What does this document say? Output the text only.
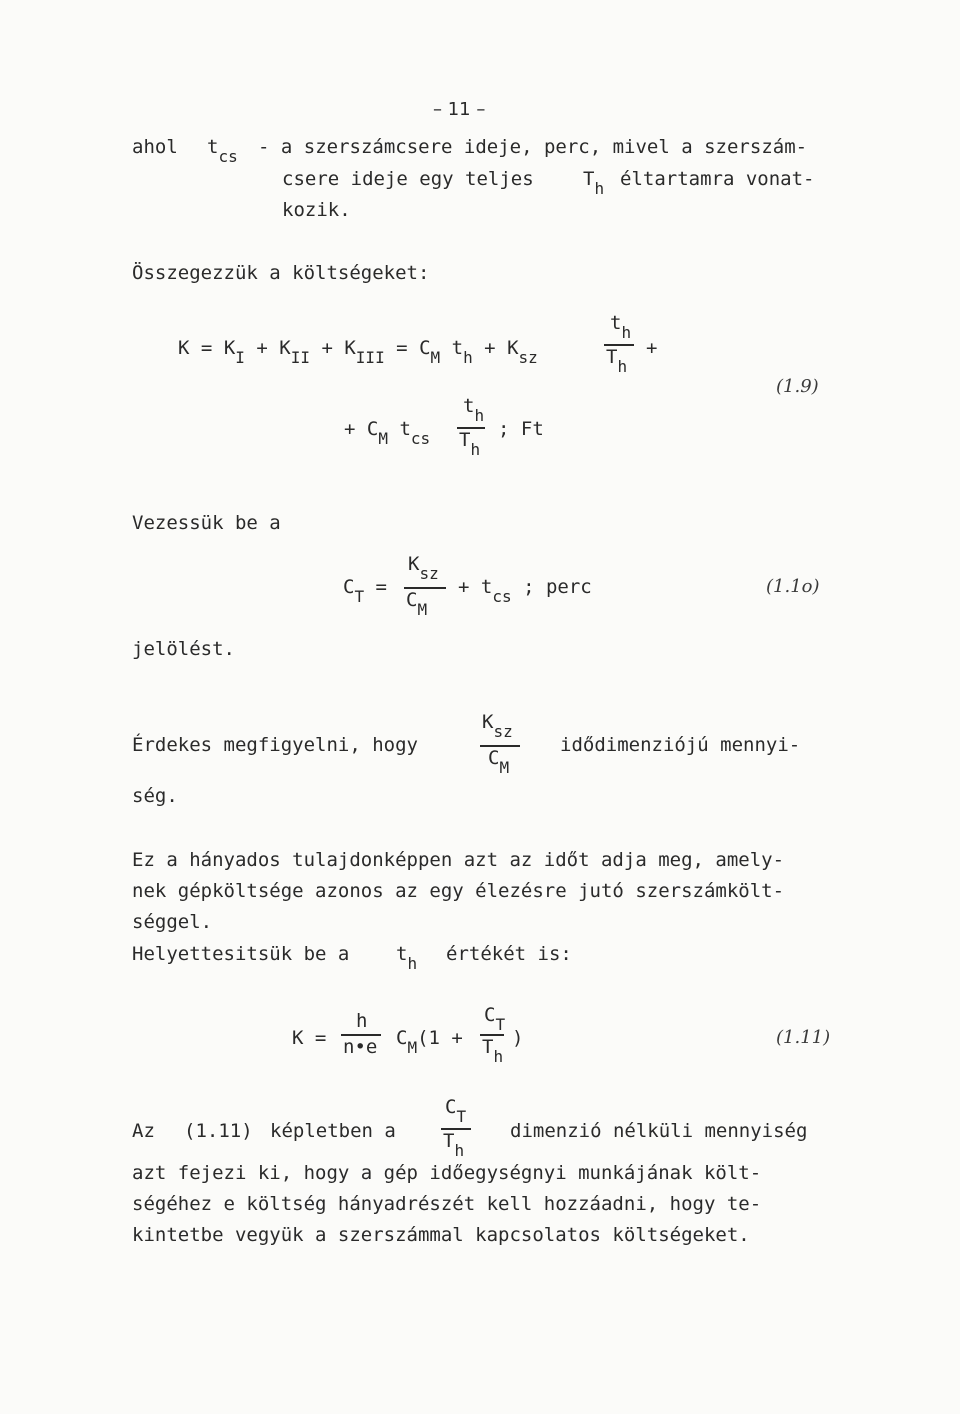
– 11 –
ahol $t_{cs}$ - a szerszámcsere ideje, perc, mivel a szerszám-
csere ideje egy teljes	$T_h$ éltartamra vonat-
kozik.
Összegezzük a költségeket:
$K = K_I + K_{II} + K_{III} = C_M$ $t_h + K_{sz}$
$t_h$
$T_h$
+
+ $C_M$ $t_{cs}$
$t_h$
$T_h$
; Ft
(1.9)
Vezessük be a
$C_T$ =
$K_{sz}$
$C_M$
+ $t_{cs}$ ; perc	(1.1o)
jelölést.
Érdekes megfigyelni, hogy
$K_{sz}$
$C_M$
idődimenziójú mennyi-
ség.
Ez a hányados tulajdonképpen azt az időt adja meg, amely-
nek gépköltsége azonos az egy élezésre jutó szerszámkölt-
séggel.
Helyettesitsük be a $t_h$ értékét is:
K =
h
n•e $C_M(1$ +
$C_T$
$T_h$
)	(1.11)
Az (1.11) képletben a
$C_T$
$T_h$
dimenzió nélküli mennyiség
azt fejezi ki, hogy a gép időegységnyi munkájának költ-
ségéhez e költség hányadrészét kell hozzáadni, hogy te-
kintetbe vegyük a szerszámmal kapcsolatos költségeket.
